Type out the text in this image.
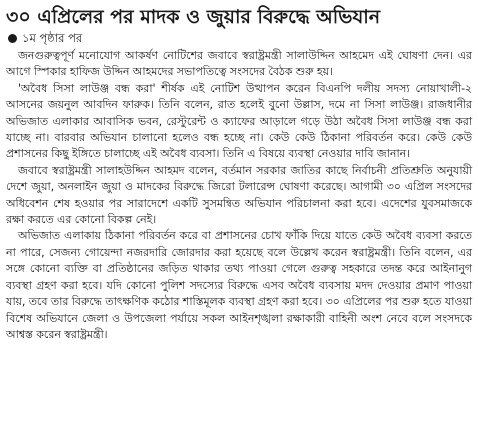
৩০ এপ্রিলের পর মাদক ও জুয়ার বিরুদ্ধে অভিযান
১ম পৃষ্ঠার পর

জনগুরুত্বপূর্ণ মনোযোগ আকর্ষণ নোটিশের জবাবে স্বরাষ্ট্রমন্ত্রী সালাউদ্দিন আহমেদ এই ঘোষণা দেন। এর আগে স্পিকার হাফিজ উদ্দিন আহমদের সভাপতিত্বে সংসদের বৈঠক শুরু হয়।

'অবৈধ সিসা লাউঞ্জ বন্ধ করা' শীর্ষক এই নোটিশ উত্থাপন করেন বিএনপি দলীয় সদস্য নোয়াখালী-২ আসনের জয়নুল আবদিন ফারুক। তিনি বলেন, রাত হলেই বুনো উল্লাস, দমে না সিসা লাউঞ্জ। রাজধানীর অভিজাত এলাকার আবাসিক ভবন, রেস্টুরেন্ট ও ক্যাফের আড়ালে গড়ে উঠা অবৈধ সিসা লাউঞ্জ বন্ধ করা যাচ্ছে না। বারবার অভিযান চালানো হলেও বন্ধ হচ্ছে না। কেউ কেউ ঠিকানা পরিবর্তন করে। কেউ কেউ প্রশাসনের কিছু ইঙ্গিতে চালাচ্ছে এই অবৈধ ব্যবসা। তিনি এ বিষয়ে ব্যবস্থা নেওয়ার দাবি জানান।

জবাবে স্বরাষ্ট্রমন্ত্রী সালাহউদ্দিন আহমদ বলেন, বর্তমান সরকার জাতির কাছে নির্বাচনী প্রতিশ্রুতি অনুযায়ী দেশে জুয়া, অনলাইন জুয়া ও মাদকের বিরুদ্ধে জিরো টলারেন্স ঘোষণা করেছে। আগামী ৩০ এপ্রিল সংসদের অধিবেশন শেষ হওয়ার পর সারাদেশে একটি সুসমন্বিত অভিযান পরিচালনা করা হবে। এদেশের যুবসমাজকে রক্ষা করতে এর কোনো বিকল্প নেই।

অভিজাত এলাকায় ঠিকানা পরিবর্তন করে বা প্রশাসনের চোখ ফাঁকি দিয়ে যাতে কেউ অবৈধ ব্যবসা করতে না পারে, সেজন্য গোয়েন্দা নজরদারি জোরদার করা হয়েছে বলে উল্লেখ করেন স্বরাষ্ট্রমন্ত্রী। তিনি বলেন, এর সঙ্গে কোনো ব্যক্তি বা প্রতিষ্ঠানের জড়িত থাকার তথ্য পাওয়া গেলে গুরুত্ব সহকারে তদন্ত করে আইনানুগ ব্যবস্থা গ্রহণ করা হবে। যদি কোনো পুলিশ সদস্যের বিরুদ্ধে এসব অবৈধ ব্যবসায় মদদ দেওয়ার প্রমাণ পাওয়া যায়, তবে তার বিরুদ্ধে তাৎক্ষণিক কঠোর শাস্তিমূলক ব্যবস্থা গ্রহণ করা হবে। ৩০ এপ্রিলের পর শুরু হতে যাওয়া বিশেষ অভিযানে জেলা ও উপজেলা পর্যায়ে সকল আইনশৃঙ্খলা রক্ষাকারী বাহিনী অংশ নেবে বলে সংসদকে আশ্বস্ত করেন স্বরাষ্ট্রমন্ত্রী।
